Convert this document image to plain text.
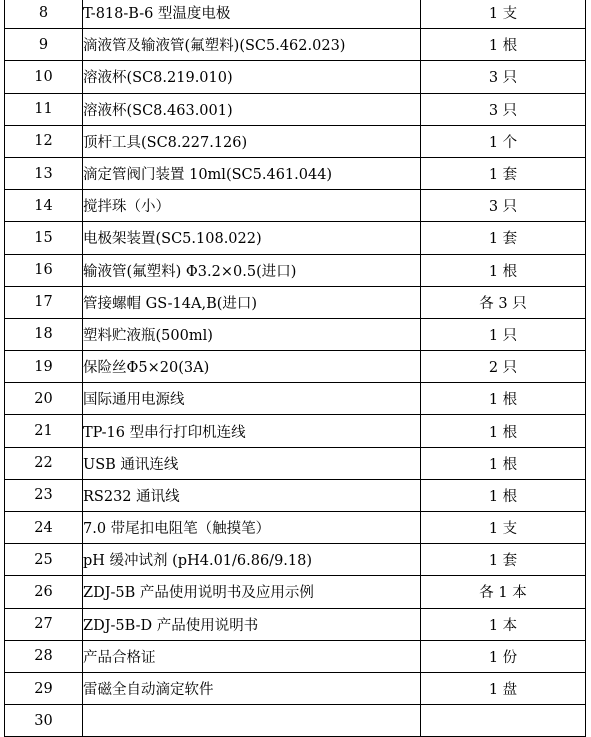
8	T-818-B-6 型温度电极	1 支
9	滴液管及输液管(氟塑料)(SC5.462.023)	1 根
10	溶液杯(SC8.219.010)	3 只
11	溶液杯(SC8.463.001)	3 只
12	顶杆工具(SC8.227.126)	1 个
13	滴定管阀门装置 10ml(SC5.461.044)	1 套
14	搅拌珠（小）	3 只
15	电极架装置(SC5.108.022)	1 套
16	输液管(氟塑料) Φ3.2×0.5(进口)	1 根
17	管接螺帽 GS-14A,B(进口)	各 3 只
18	塑料贮液瓶(500ml)	1 只
19	保险丝Φ5×20(3A)	2 只
20	国际通用电源线	1 根
21	TP-16 型串行打印机连线	1 根
22	USB 通讯连线	1 根
23	RS232 通讯线	1 根
24	7.0 带尾扣电阻笔（触摸笔）	1 支
25	pH 缓冲试剂 (pH4.01/6.86/9.18)	1 套
26	ZDJ-5B 产品使用说明书及应用示例	各 1 本
27	ZDJ-5B-D 产品使用说明书	1 本
28	产品合格证	1 份
29	雷磁全自动滴定软件	1 盘
30		
